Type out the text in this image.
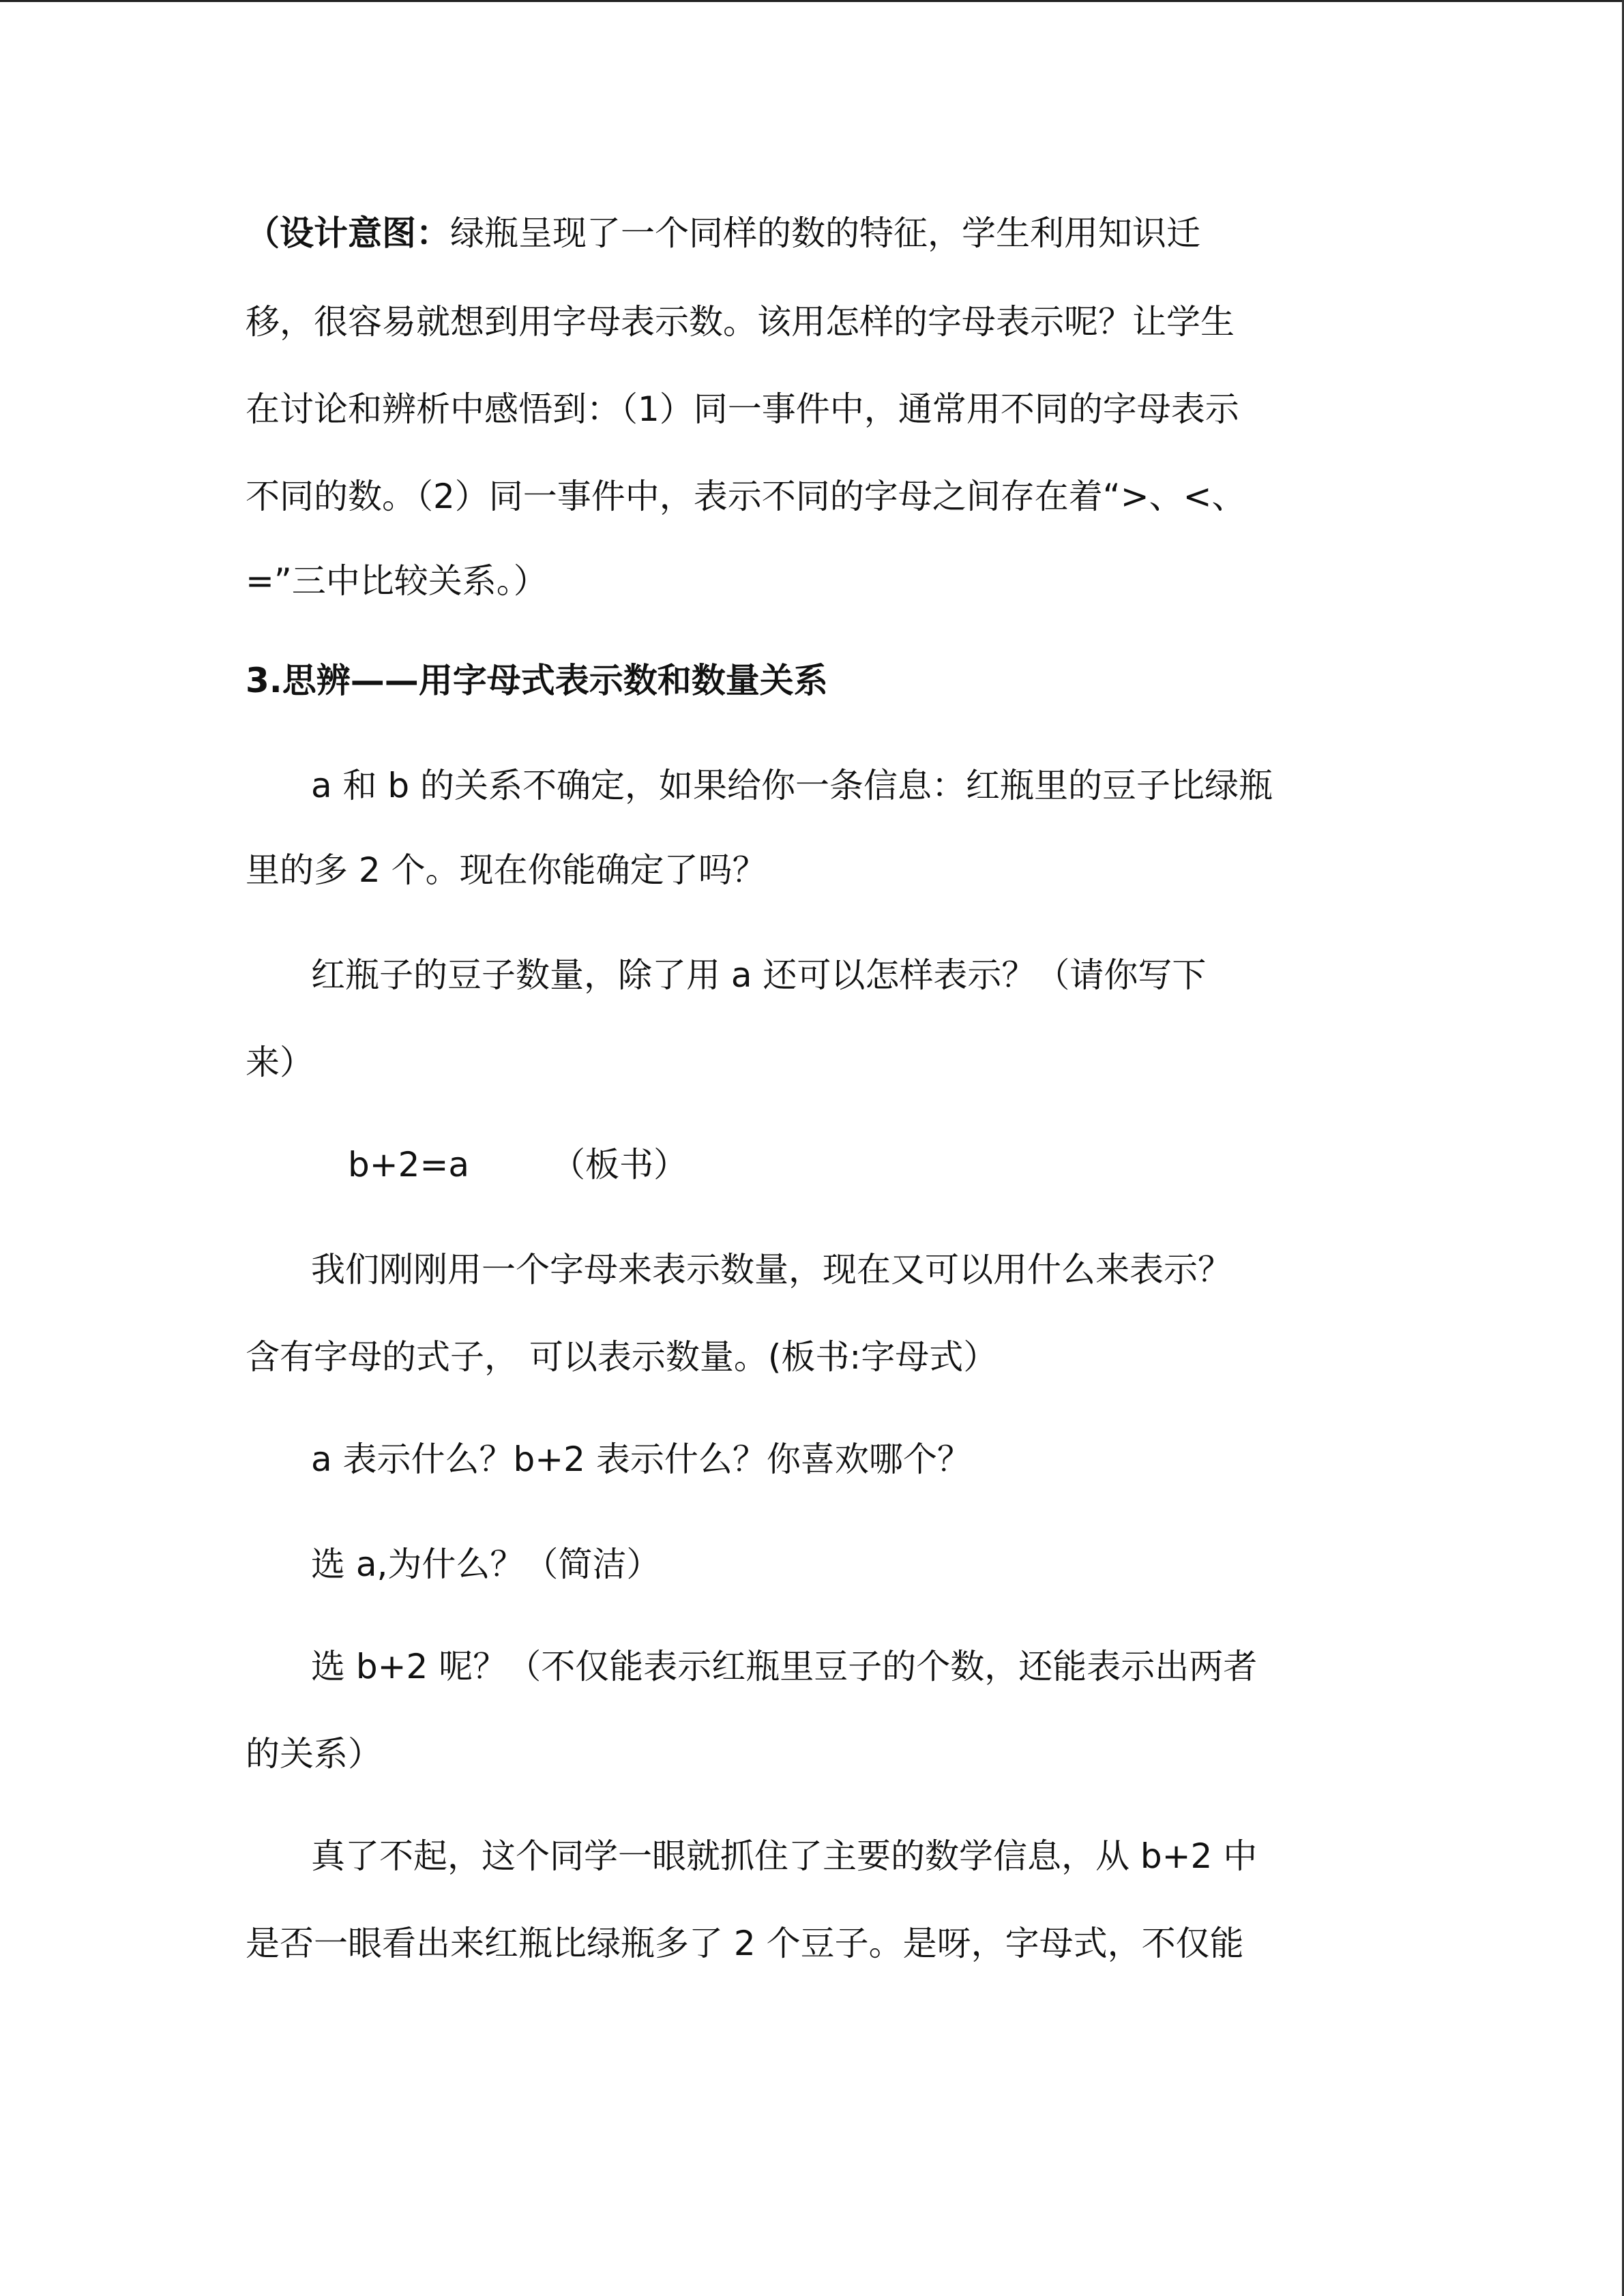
（设计意图：绿瓶呈现了一个同样的数的特征，学生利用知识迁
移，很容易就想到用字母表示数。该用怎样的字母表示呢？让学生
在讨论和辨析中感悟到：（1）同一事件中，通常用不同的字母表示
不同的数。（2）同一事件中，表示不同的字母之间存在着“>、<、
=”三中比较关系。）
3.思辨——用字母式表示数和数量关系
a 和 b 的关系不确定，如果给你一条信息：红瓶里的豆子比绿瓶
里的多 2 个。现在你能确定了吗？
红瓶子的豆子数量，除了用 a 还可以怎样表示？（请你写下
来）
b+2=a （板书）
我们刚刚用一个字母来表示数量，现在又可以用什么来表示？
含有字母的式子， 可以表示数量。(板书:字母式）
a 表示什么？b+2 表示什么？你喜欢哪个？
选 a,为什么？（简洁）
选 b+2 呢？（不仅能表示红瓶里豆子的个数，还能表示出两者
的关系）
真了不起，这个同学一眼就抓住了主要的数学信息，从 b+2 中
是否一眼看出来红瓶比绿瓶多了 2 个豆子。是呀，字母式，不仅能
